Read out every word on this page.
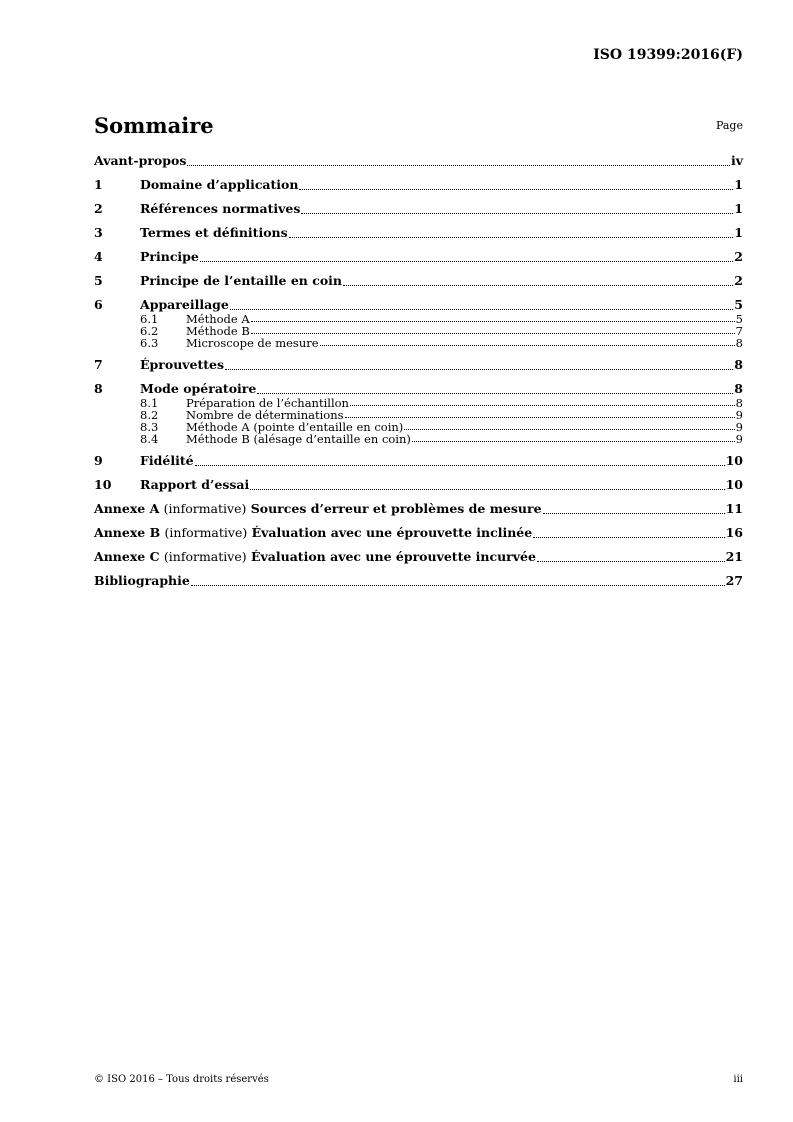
ISO 19399:2016(F)
Sommaire	Page
Avant-propos	iv
1	Domaine d’application	1
2	Références normatives	1
3	Termes et définitions	1
4	Principe	2
5	Principe de l’entaille en coin	2
6	Appareillage	5
6.1	Méthode A	5
6.2	Méthode B	7
6.3	Microscope de mesure	8
7	Éprouvettes	8
8	Mode opératoire	8
8.1	Préparation de l’échantillon	8
8.2	Nombre de déterminations	9
8.3	Méthode A (pointe d’entaille en coin)	9
8.4	Méthode B (alésage d’entaille en coin)	9
9	Fidélité	10
10	Rapport d’essai	10
Annexe A (informative) Sources d’erreur et problèmes de mesure	11
Annexe B (informative) Évaluation avec une éprouvette inclinée	16
Annexe C (informative) Évaluation avec une éprouvette incurvée	21
Bibliographie	27
© ISO 2016 – Tous droits réservés	iii
